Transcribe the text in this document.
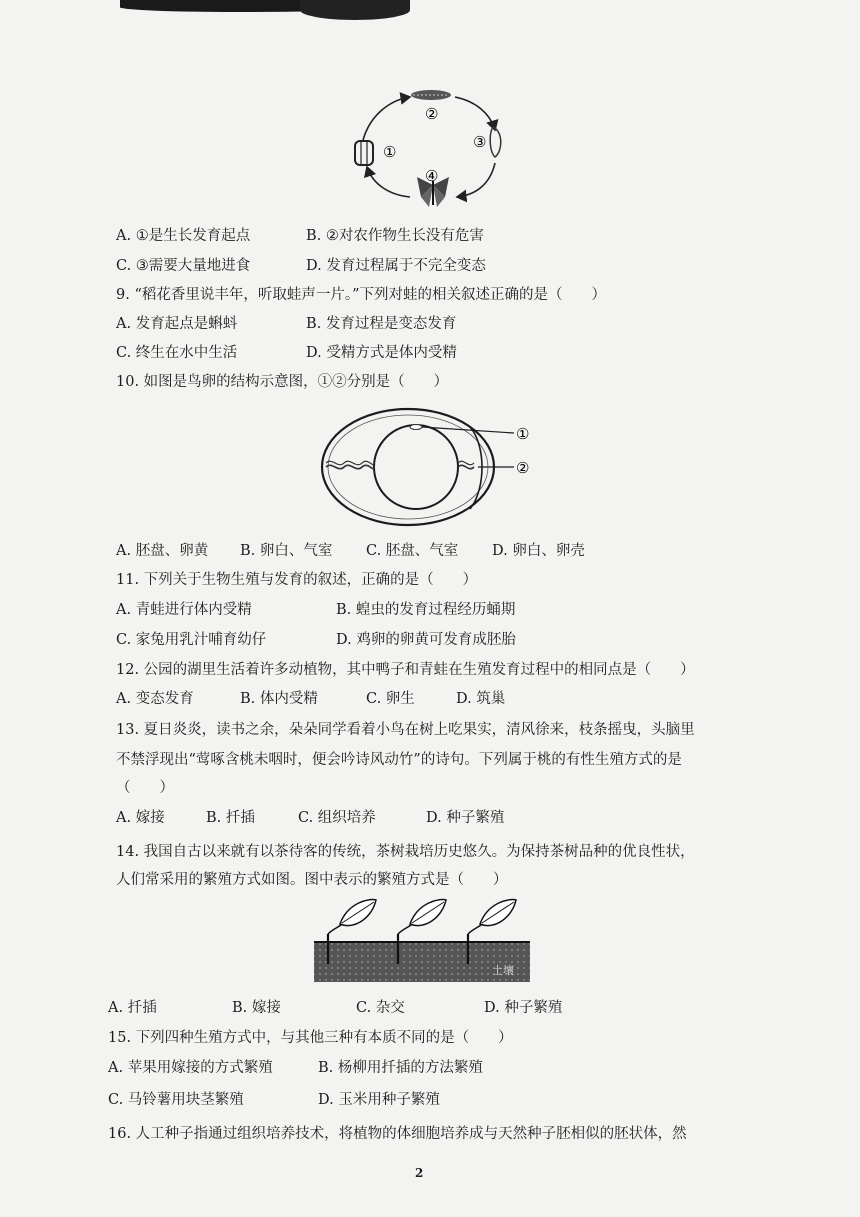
②
③
①
④
A. ①是生长发育起点	B. ②对农作物生长没有危害
C. ③需要大量地进食	D. 发育过程属于不完全变态
9. “稻花香里说丰年，听取蛙声一片。”下列对蛙的相关叙述正确的是（　　）
A. 发育起点是蝌蚪	B. 发育过程是变态发育
C. 终生在水中生活	D. 受精方式是体内受精
10. 如图是鸟卵的结构示意图，①②分别是（　　）
①
②
A. 胚盘、卵黄 B. 卵白、气室 C. 胚盘、气室 D. 卵白、卵壳
11. 下列关于生物生殖与发育的叙述，正确的是（　　）
A. 青蛙进行体内受精	B. 蝗虫的发育过程经历蛹期
C. 家兔用乳汁哺育幼仔	D. 鸡卵的卵黄可发育成胚胎
12. 公园的湖里生活着许多动植物，其中鸭子和青蛙在生殖发育过程中的相同点是（　　）
A. 变态发育	B. 体内受精	C. 卵生	D. 筑巢
13. 夏日炎炎，读书之余，朵朵同学看着小鸟在树上吃果实，清风徐来，枝条摇曳，头脑里
不禁浮现出“莺啄含桃未咽时，便会吟诗风动竹”的诗句。下列属于桃的有性生殖方式的是
（　　）
A. 嫁接	B. 扦插	C. 组织培养	D. 种子繁殖
14. 我国自古以来就有以茶待客的传统，茶树栽培历史悠久。为保持茶树品种的优良性状，
人们常采用的繁殖方式如图。图中表示的繁殖方式是（　　）
土壤
A. 扦插	B. 嫁接	C. 杂交	D. 种子繁殖
15. 下列四种生殖方式中，与其他三种有本质不同的是（　　）
A. 苹果用嫁接的方式繁殖	B. 杨柳用扦插的方法繁殖
C. 马铃薯用块茎繁殖	D. 玉米用种子繁殖
16. 人工种子指通过组织培养技术，将植物的体细胞培养成与天然种子胚相似的胚状体，然
2
